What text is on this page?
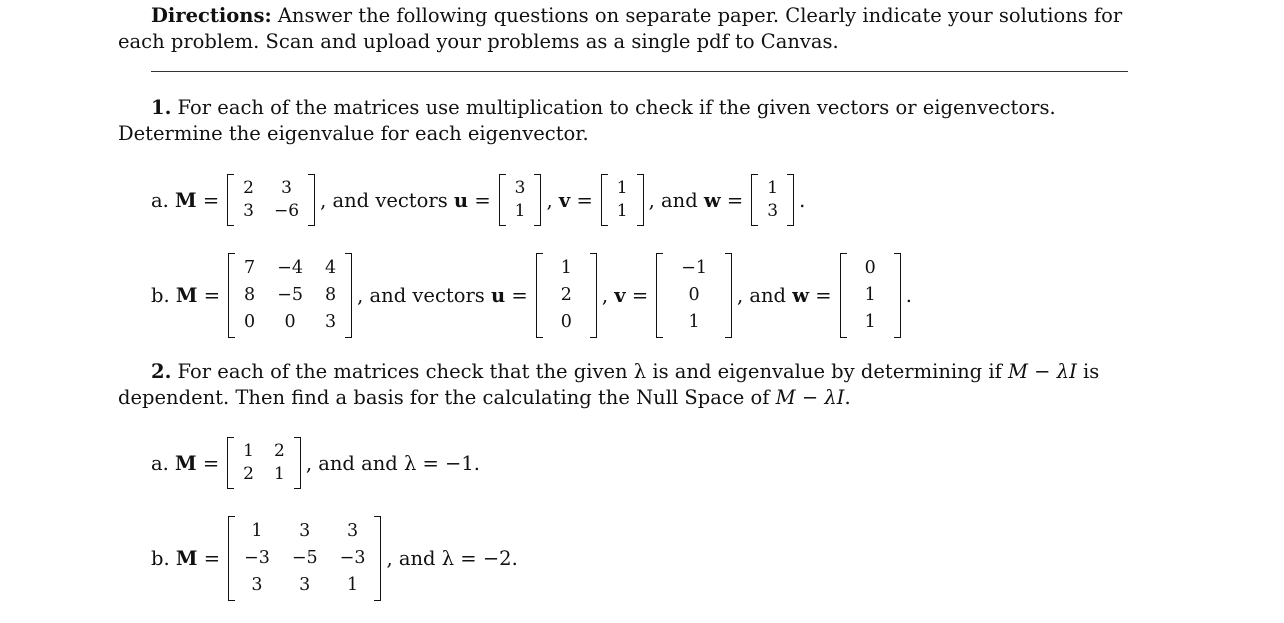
Directions: Answer the following questions on separate paper. Clearly indicate your solutions for each problem. Scan and upload your problems as a single pdf to Canvas.

1. For each of the matrices use multiplication to check if the given vectors or eigenvectors. Determine the eigenvalue for each eigenvector.

a.
M
=
2	3
3 −6 , and vectors
u
=
3
1 , v
=
1
1 , and
w
=
1
3 .
b.
M
=
7 −4 4
8 −5 8
0	0	3
, and vectors
u
=
1
2
0
, v
=
−1
0
1
, and
w
=
0
1
1
.

2. For each of the matrices check that the given λ is and eigenvalue by determining if M − λI is dependent. Then find a basis for the calculating the Null Space of M − λI.

a.
M
=
1 2
2 1 , and and λ = −1.
b.
M
=
1	3	3
−3 −5 −3
3	3	1
, and λ = −2.
